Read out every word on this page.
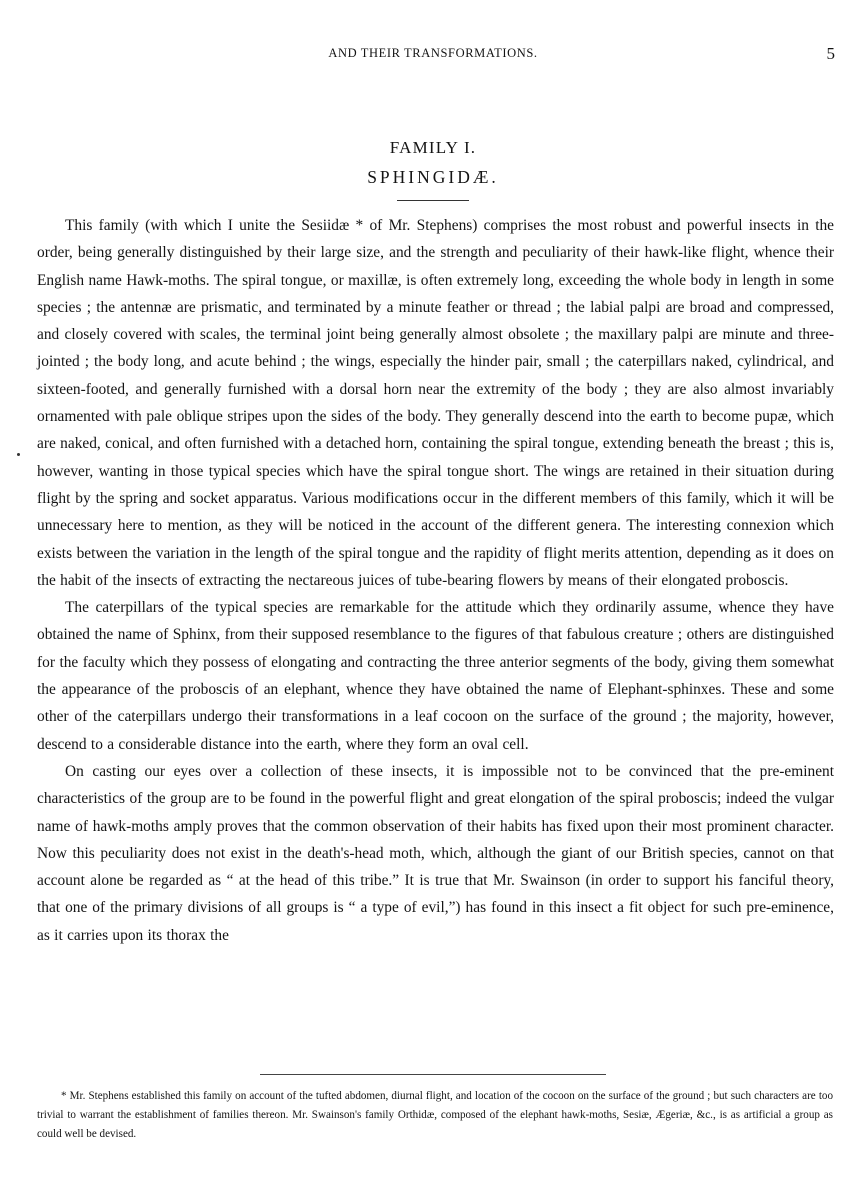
AND THEIR TRANSFORMATIONS.	5
FAMILY I.
SPHINGIDÆ.

This family (with which I unite the Sesiidæ * of Mr. Stephens) comprises the most robust and powerful insects in the order, being generally distinguished by their large size, and the strength and peculiarity of their hawk-like flight, whence their English name Hawk-moths. The spiral tongue, or maxillæ, is often extremely long, exceeding the whole body in length in some species ; the antennæ are prismatic, and terminated by a minute feather or thread ; the labial palpi are broad and compressed, and closely covered with scales, the terminal joint being generally almost obsolete ; the maxillary palpi are minute and three-jointed ; the body long, and acute behind ; the wings, especially the hinder pair, small ; the caterpillars naked, cylindrical, and sixteen-footed, and generally furnished with a dorsal horn near the extremity of the body ; they are also almost invariably ornamented with pale oblique stripes upon the sides of the body. They generally descend into the earth to become pupæ, which are naked, conical, and often furnished with a detached horn, containing the spiral tongue, extending beneath the breast ; this is, however, wanting in those typical species which have the spiral tongue short. The wings are retained in their situation during flight by the spring and socket apparatus. Various modifications occur in the different members of this family, which it will be unnecessary here to mention, as they will be noticed in the account of the different genera. The interesting connexion which exists between the variation in the length of the spiral tongue and the rapidity of flight merits attention, depending as it does on the habit of the insects of extracting the nectareous juices of tube-bearing flowers by means of their elongated proboscis.

The caterpillars of the typical species are remarkable for the attitude which they ordinarily assume, whence they have obtained the name of Sphinx, from their supposed resemblance to the figures of that fabulous creature ; others are distinguished for the faculty which they possess of elongating and contracting the three anterior segments of the body, giving them somewhat the appearance of the proboscis of an elephant, whence they have obtained the name of Elephant-sphinxes. These and some other of the caterpillars undergo their transformations in a leaf cocoon on the surface of the ground ; the majority, however, descend to a considerable distance into the earth, where they form an oval cell.

On casting our eyes over a collection of these insects, it is impossible not to be convinced that the pre-eminent characteristics of the group are to be found in the powerful flight and great elongation of the spiral proboscis; indeed the vulgar name of hawk-moths amply proves that the common observation of their habits has fixed upon their most prominent character. Now this peculiarity does not exist in the death's-head moth, which, although the giant of our British species, cannot on that account alone be regarded as “ at the head of this tribe.” It is true that Mr. Swainson (in order to support his fanciful theory, that one of the primary divisions of all groups is “ a type of evil,”) has found in this insect a fit object for such pre-eminence, as it carries upon its thorax the

* Mr. Stephens established this family on account of the tufted abdomen, diurnal flight, and location of the cocoon on the surface of the ground ; but such characters are too trivial to warrant the establishment of families thereon. Mr. Swainson's family Orthidæ, composed of the elephant hawk-moths, Sesiæ, Ægeriæ, &c., is as artificial a group as could well be devised.
